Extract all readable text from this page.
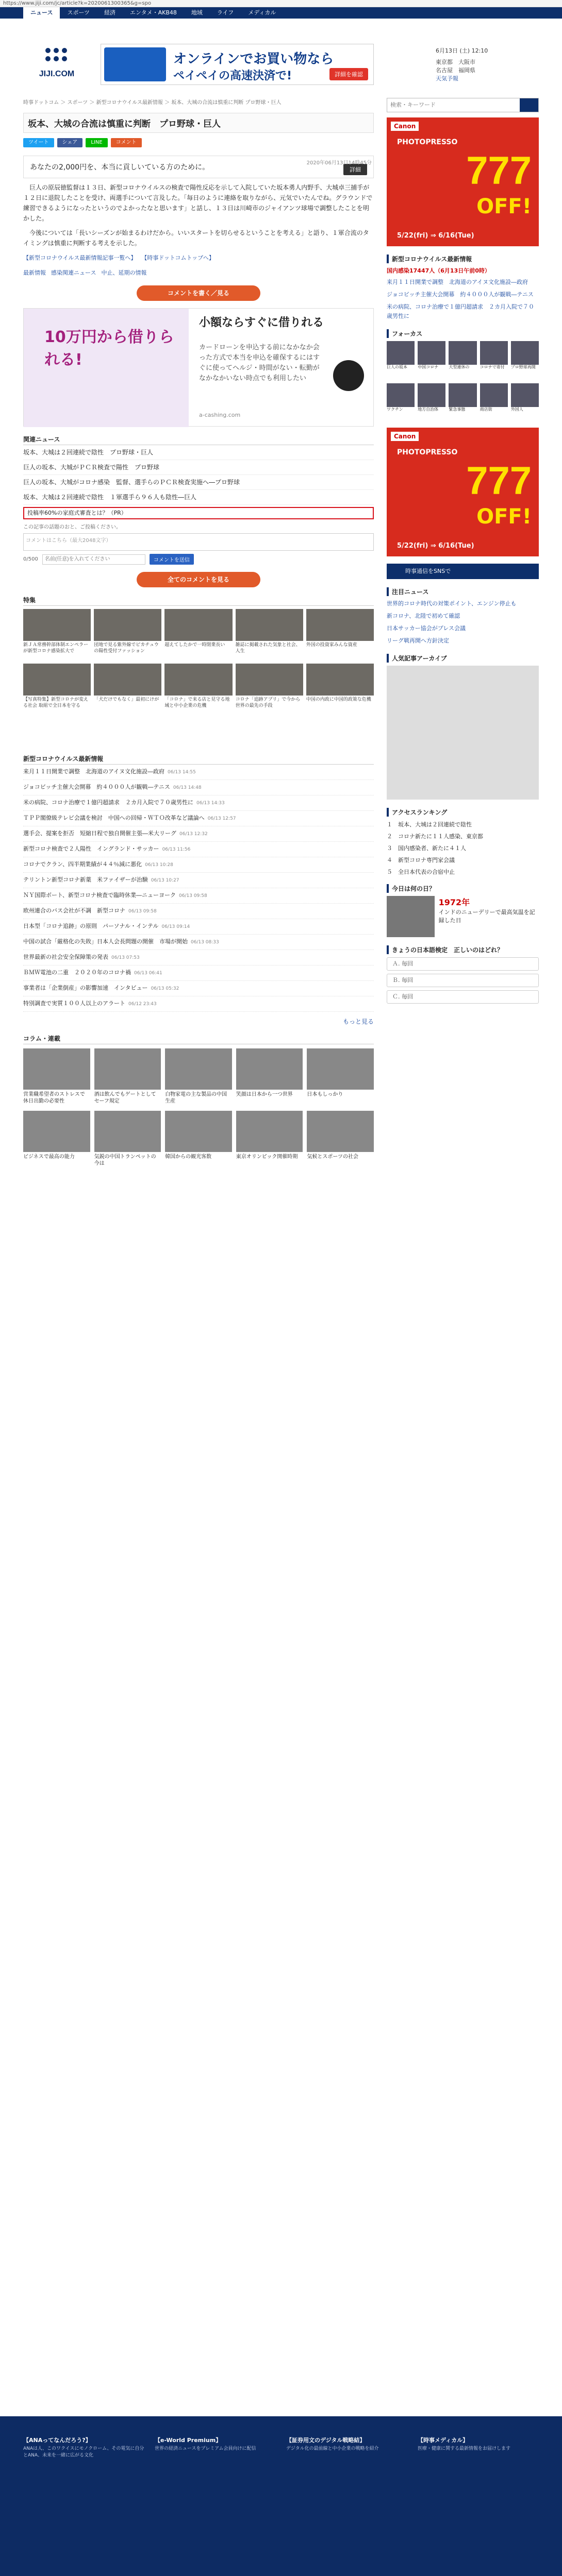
https://www.jiji.com/jc/article?k=2020061300365&g=spo
ニュース	スポーツ	経済	エンタメ・AKB48	地域	ライフ	メディカル
JIJI.COM
オンラインでお買い物なら
ペイペイの高速決済で!	詳細を確認
6月13日 (土) 12:10
東京都　 大阪市
名古屋　 福岡県
天気予報
時事ドットコム ＞ スポーツ ＞ 新型コロナウイルス最新情報 ＞ 坂本、大城の合流は慎重に判断 プロ野球・巨人
坂本、大城の合流は慎重に判断　プロ野球・巨人
ツイート	シェア	LINE	コメント
2020年06月13日14時45分
あなたの2,000円を、本当に貢しいている方のために。	詳細

　巨人の原辰徳監督は１３日、新型コロナウイルスの検査で陽性反応を示して入院していた坂本勇人内野手、大城卓三捕手が１２日に退院したことを受け、両選手について言及した。「毎日のように連絡を取りながら、元気でいたんでね。グラウンドで練習できるようになったというのでよかったなと思います」と話し、１３日は川崎市のジャイアンツ球場で調整したことを明かした。

　今後については「長いシーズンが始まるわけだから。いいスタートを切らせるということを考える」と語り、１軍合流のタイミングは慎重に判断する考えを示した。

【新型コロナウイルス最新情報記事一覧へ】 【時事ドットコムトップへ】

最新情報 感染関連ニュース 中止、延期の情報

コメントを書く／見る
10万円から借りられる!
小額ならすぐに借りれる
カードローンを申込する前になかなか会った方式で本当を申込を確保するにはすぐに使ってヘルジ・時間がない・転勤がなかなかいない時点でも利用したい
a-cashing.com
関連ニュース
坂本、大城は２回連続で陰性　プロ野球・巨人
巨人の坂本、大城がＰＣＲ検査で陽性　プロ野球
巨人の坂本、大城がコロナ感染　監督、選手らのＰＣＲ検査実施へ―プロ野球
坂本、大城は２回連続で陰性　１軍選手ら９６人も陰性―巨人
投稿率60%の家庭式審査とは？（PR）
この記事の話題のおと、ご投稿ください。
コメントはこちら（最大2048文字）
0/500
名前(任意)を入れてください	コメントを送信
全てのコメントを見る
特集
新ＪＡ常務幹部体制エンペラーが新型コロナ感染拡大で
団地で見る紫外線でピカチュウの陽性受付ファッション
超えてしたかで一時閉業長い	雑誌に掲載された気象と社会、人生
外国の投資家みんな資産
【写真特集】新型コロナが変える社会 取組で全日本を守る
「犬だけでもなく」最初にけが	「コロナ」で来る店と見守る地域と中小企業の危機
コロナ「追跡アプリ」で今から世界の最先の手段
中国の内政に中国的政策な危機
新型コロナウイルス最新情報
来月１１日開業で調整　北海道のアイヌ文化施設―政府 06/13 14:55
ジョコビッチ主催大会開幕　約４０００人が観戦―テニス 06/13 14:48
米の病院、コロナ治療で１億円超請求　２カ月入院で７０歳男性に 06/13 14:33
ＴＰＰ閣僚級テレビ会議を検討　中国への回帰・ＷＴＯ改革など議論へ 06/13 12:57
選手会、提案を拒否　短縮日程で独自開催主張―米大リーグ 06/13 12:32
新型コロナ検査で２人陽性　イングランド・サッカー 06/13 11:56
コロナでクラン、四半期業績が４４％減に悪化 06/13 10:28
テリントン新型コロナ新薬　米ファイザーが治験 06/13 10:27
ＮＹ国際ボート、新型コロナ検査で臨時休業―ニューヨーク 06/13 09:58
欧州連合のバス会社が不調　新型コロナ 06/13 09:58
日本型「コロナ追跡」の原則　パーソナル・インテル 06/13 09:14
中国の試合「厳格化の失敗」日本人会長問題の開催　市場が開始 06/13 08:33
世界最新の社会安全保障策の発表 06/13 07:53
ＢＭＷ電池の二重　２０２０年のコロナ禍 06/13 06:41
事業者は「企業倒産」の影響加速　インタビュー 06/13 05:32
特別調査で実質１００人以上のアラート 06/12 23:43
もっと見る
コラム・連載
営業職希望者のストレスで休日出勤の必要性
酒は飲んでもゲートとしてセーフ規定
白物家電の主な製品の中国生産
笑顔は日本から一つ世界	日本もしっかり
ビジネスで最高の能力	気鋭の中国トランペットの今は
韓国からの観光客数	東京オリンピック開催時期	気候とスポーツの社会
検索・キーワード
Canon
PHOTOPRESSO
777
OFF!
5/22(fri) ⇒ 6/16(Tue)
新型コロナウイルス最新情報
国内感染17447人（6月13日午前0時）
来月１１日開業で調整　北海道のアイヌ文化施設―政府
ジョコビッチ主催大会開幕　約４０００人が観戦―テニス
米の病院、コロナ治療で１億円超請求　２カ月入院で７０歳男性に
フォーカス
巨人の坂本	中国コロナ	大型連休の	コロナで寄付	プロ野球再開
ワクチン	地方自治体	緊急事態	商店街	外国人
Canon
PHOTOPRESSO
777
OFF!
5/22(fri) ⇒ 6/16(Tue)
時事通信をSNSで
注目ニュース
世界的コロナ時代の対策ポイント、エンジン停止も
新コロナ、北陸で初めて確認
日本サッカー協会がプレス会議
リーグ戦再開へ方針決定
人気記事アーカイブ
アクセスランキング
１　坂本、大城は２回連続で陰性
２　コロナ新たに１１人感染、東京都
３　国内感染者、新たに４１人
４　新型コロナ専門家会議
５　全日本代表の合宿中止
今日は何の日？
1972年
インドのニューデリーで最高気温を記録した日
きょうの日本語検定　正しいのはどれ？
Ａ. 毎回
Ｂ. 毎回
Ｃ. 毎回
【ANAってなんだろう?】
ANAは人、このワクイスにモノクローム、その電気に自分とANA、未来を一緒に広がる文化
【e-World Premium】
世界の経済ニュースをプレミアム会員向けに配信
【証券用文のデジタル戦略結】
デジタル化の最前線と中小企業の戦略を紹介
【時事メディカル】
医療・健康に関する最新情報をお届けします
